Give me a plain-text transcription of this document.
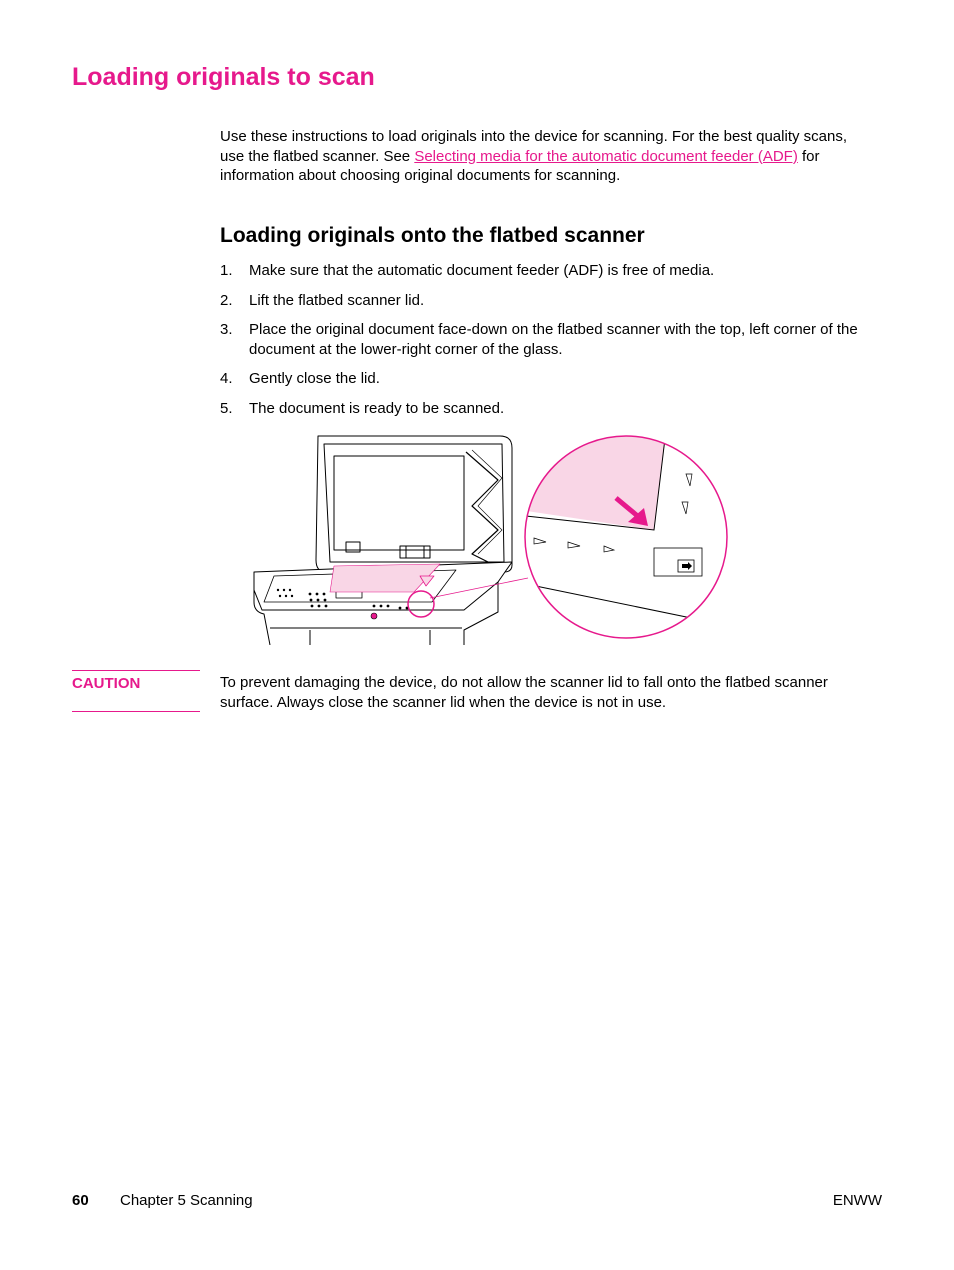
Loading originals to scan

Use these instructions to load originals into the device for scanning. For the best quality scans, use the flatbed scanner. See Selecting media for the automatic document feeder (ADF) for information about choosing original documents for scanning.

Loading originals onto the flatbed scanner
1. Make sure that the automatic document feeder (ADF) is free of media.
2. Lift the flatbed scanner lid.
3. Place the original document face-down on the flatbed scanner with the top, left corner of the document at the lower-right corner of the glass.
4. Gently close the lid.
5. The document is ready to be scanned.
CAUTION	To prevent damaging the device, do not allow the scanner lid to fall onto the flatbed scanner surface. Always close the scanner lid when the device is not in use.

60 Chapter 5 Scanning	ENWW
